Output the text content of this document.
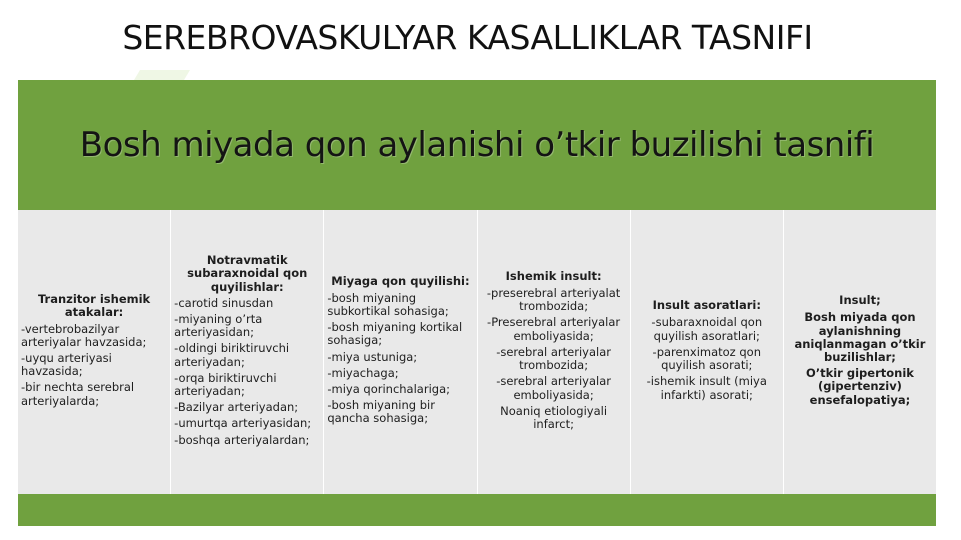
SEREBROVASKULYAR KASALLIKLAR TASNIFI
Bosh miyada qon aylanishi o’tkir buzilishi tasnifi
Tranzitor ishemik atakalar:
-vertebrobazilyar arteriyalar havzasida;
-uyqu arteriyasi havzasida;
-bir nechta serebral arteriyalarda;
Notravmatik subaraxnoidal qon quyilishlar:
-carotid sinusdan
-miyaning o’rta arteriyasidan;
-oldingi biriktiruvchi arteriyadan;
-orqa biriktiruvchi arteriyadan;
-Bazilyar arteriyadan;
-umurtqa arteriyasidan;
-boshqa arteriyalardan;
Miyaga qon quyilishi:
-bosh miyaning subkortikal sohasiga;
-bosh miyaning kortikal sohasiga;
-miya ustuniga;
-miyachaga;
-miya qorinchalariga;
-bosh miyaning bir qancha sohasiga;
Ishemik insult:
-preserebral arteriyalat trombozida;
-Preserebral arteriyalar emboliyasida;
-serebral arteriyalar trombozida;
-serebral arteriyalar emboliyasida;
Noaniq etiologiyali infarct;
Insult asoratlari:
-subaraxnoidal qon quyilish asoratlari;
-parenximatoz qon quyilish asorati;
-ishemik insult (miya infarkti) asorati;
Insult;
Bosh miyada qon aylanishning aniqlanmagan o’tkir buzilishlar;
O’tkir gipertonik (gipertenziv) ensefalopatiya;
